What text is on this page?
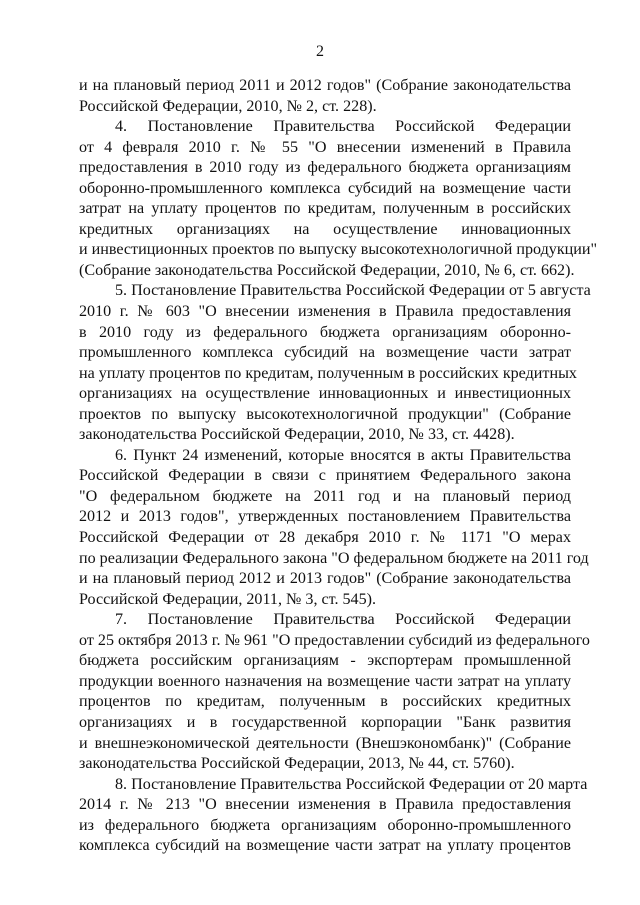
2
и на плановый период 2011 и 2012 годов" (Собрание законодательства
Российской Федерации, 2010, № 2, ст. 228).
4. Постановление Правительства Российской Федерации
от 4 февраля 2010 г. № 55 "О внесении изменений в Правила
предоставления в 2010 году из федерального бюджета организациям
оборонно-промышленного комплекса субсидий на возмещение части
затрат на уплату процентов по кредитам, полученным в российских
кредитных организациях на осуществление инновационных
и инвестиционных проектов по выпуску высокотехнологичной продукции"
(Собрание законодательства Российской Федерации, 2010, № 6, ст. 662).
5. Постановление Правительства Российской Федерации от 5 августа
2010 г. № 603 "О внесении изменения в Правила предоставления
в 2010 году из федерального бюджета организациям оборонно-
промышленного комплекса субсидий на возмещение части затрат
на уплату процентов по кредитам, полученным в российских кредитных
организациях на осуществление инновационных и инвестиционных
проектов по выпуску высокотехнологичной продукции" (Собрание
законодательства Российской Федерации, 2010, № 33, ст. 4428).
6. Пункт 24 изменений, которые вносятся в акты Правительства
Российской Федерации в связи с принятием Федерального закона
"О федеральном бюджете на 2011 год и на плановый период
2012 и 2013 годов", утвержденных постановлением Правительства
Российской Федерации от 28 декабря 2010 г. № 1171 "О мерах
по реализации Федерального закона "О федеральном бюджете на 2011 год
и на плановый период 2012 и 2013 годов" (Собрание законодательства
Российской Федерации, 2011, № 3, ст. 545).
7. Постановление Правительства Российской Федерации
от 25 октября 2013 г. № 961 "О предоставлении субсидий из федерального
бюджета российским организациям - экспортерам промышленной
продукции военного назначения на возмещение части затрат на уплату
процентов по кредитам, полученным в российских кредитных
организациях и в государственной корпорации "Банк развития
и внешнеэкономической деятельности (Внешэкономбанк)" (Собрание
законодательства Российской Федерации, 2013, № 44, ст. 5760).
8. Постановление Правительства Российской Федерации от 20 марта
2014 г. № 213 "О внесении изменения в Правила предоставления
из федерального бюджета организациям оборонно-промышленного
комплекса субсидий на возмещение части затрат на уплату процентов
